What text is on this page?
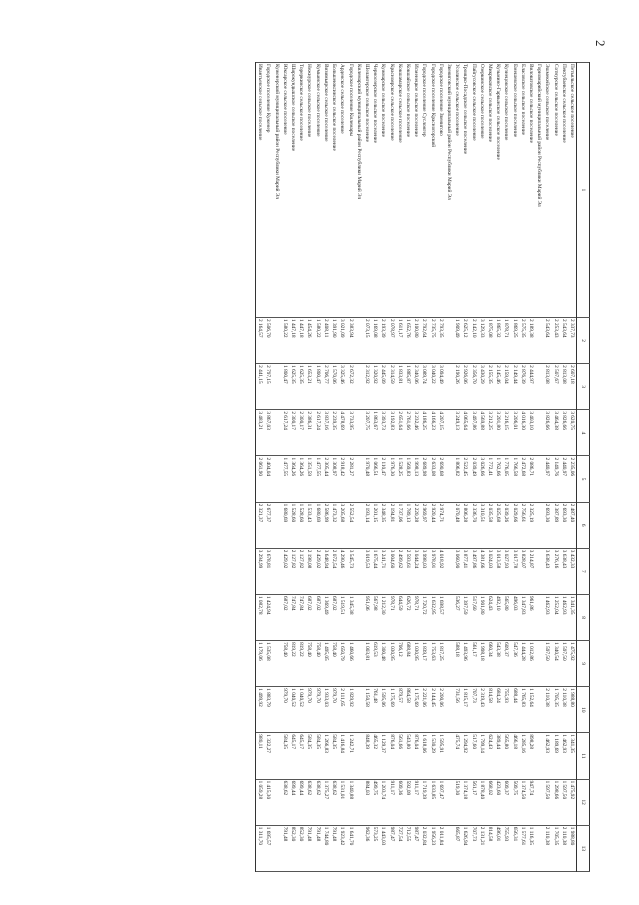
2
1	2	3	4	5	6	7	8	9	10	11	12	13
Петьяльское сельское поселение	2 337,73	2 607,18	3 620,75	2 235,06	2 487,40	3 432,33	1 341,35	1 475,92	1 988,80	1 341,35	1 475,92	1 988,80
Пектубаевское сельское поселение	2 543,64	2 813,08	3 826,66	2 440,97	2 693,30	3 638,43	1 462,93	1 597,50	2 110,38	1 462,93	1 597,50	2 110,38
Сотнурское сельское поселение	2 253,43	2 507,67	3 464,38	2 149,76	2 387,89	3 276,16	1 252,04	1 340,54	1 705,35	1 189,69	1 298,66	1 705,35
Эшмекейское сельское поселение	2 543,64	2 813,08	3 826,66	2 440,97	2 693,30	3 638,43	1 462,93	1 597,50	2 110,38	1 462,93	1 597,50	2 110,38
Горномарийский муниципальный район Республики Марий Эл												
Виловатовское сельское поселение	2 189,38	2 444,97	3 403,10	2 086,71	2 325,19	3 214,87	961,86	1 012,86	1 152,64	898,28	947,74	1 116,35
Еласовское сельское поселение	2 575,35	2 876,39	4 016,30	2 472,68	2 756,61	3 828,07	1 347,83	1 444,28	1 765,83	1 285,16	1 374,50	1 577,61
Емешевское сельское поселение	1 869,25	2 149,44	3 206,01	1 766,58	2 029,66	3 017,78	496,03	547,36	688,44	466,18	509,75	656,31
Кузнецовское сельское поселение	1 878,71	2 159,04	3 216,15	1 776,05	2 039,26	3 027,93	565,80	609,37	755,93	565,80	609,37	755,93
Кузьмино-Гарвынское сельское поселение	1 865,32	2 145,46	3 201,80	1 762,66	2 025,68	3 013,58	492,10	543,38	684,24	389,44	423,60	496,01
Микряковское сельское поселение	1 875,08	2 155,35	3 212,25	1 772,41	2 035,58	3 024,03	624,43	660,34	814,58	624,43	668,02	814,58
Озеркинское сельское поселение	3 129,33	3 430,29	4 569,88	3 026,66	3 310,51	4 381,66	1 901,80	1 998,18	2 319,43	1 799,14	1 878,40	2 131,21
Пайгусовское сельское поселение	2 142,10	2 356,70	3 497,86	2 039,49	2 336,70	3 497,86	517,60	561,17	707,73	517,60	561,17	707,73
Троицко-Посадское сельское поселение	2 625,12	2 926,06	4 065,64	2 522,45	2 806,28	3 877,41	1 397,59	1 493,96	1 815,17	1 294,92	1 374,18	1 626,94
Усолинское сельское поселение	1 909,49	2 190,26	3 249,13	1 806,82	2 070,48	3 060,90	536,27	588,18	731,56	475,74	519,30	665,87
Звениговский муниципальный район Республики Марий Эл												
Городское поселение Звенигово	2 793,35	3 094,49	4 207,15	2 690,68	2 974,71	4 018,92	1 698,57	1 817,25	2 200,06	1 595,91	1 697,47	2 011,84
Городское поселение Красногорский	2 735,75	3 040,22	4 166,23	2 633,08	2 920,44	3 978,01	1 632,95	1 753,63	2 144,45	1 530,29	1 633,85	1 956,23
Городское поселение Суслонгер	2 792,64	3 089,74	4 186,25	2 689,98	2 969,97	3 998,03	1 720,72	1 839,17	2 221,06	1 618,06	1 719,39	2 032,84
Исменецкое сельское поселение	2 100,80	2 340,06	3 232,46	1 998,13	2 220,28	3 044,24	978,71	1 030,95	1 175,69	876,04	911,17	987,47
Кокшайское сельское поселение	1 652,76	1 885,87	2 761,66	1 569,83	1 789,13	2 593,61	626,72	688,84	864,58	543,80	592,09	712,55
Кокшамарское сельское поселение	1 611,17	1 833,81	2 651,64	1 528,25	1 737,06	2 499,62	644,59	706,12	879,57	561,66	609,36	727,54
Красноярское сельское поселение	2 078,97	2 314,59	3 192,83	1 976,30	2 194,81	3 004,60	978,71	1 030,95	1 175,69	876,04	911,17	987,47
Кужмарское сельское поселение	2 193,39	2 445,09	3 393,73	2 110,47	2 348,35	3 241,71	1 212,30	1 300,48	1 595,06	1 129,37	1 203,74	1 443,03
Черноозерское сельское поселение	1 169,08	1 320,92	1 863,67	1 066,51	1 201,15	1 675,44	567,98	619,53	761,48	465,32	499,75	573,25
Шелангерское сельское поселение	2 073,15	2 312,92	3 207,75	1 970,48	2 193,14	3 019,53	951,06	1 003,81	1 150,58	848,39	884,03	962,36
Килемарский муниципальный район Республики Марий Эл												
Городское поселение Килемары	2 383,94	2 672,32	3 733,95	2 281,27	2 552,54	3 545,73	1 345,38	1 460,66	1 829,92	1 242,71	1 340,88	1 641,70
Арденское сельское поселение	3 021,09	3 325,46	4 478,69	2 918,42	3 205,68	4 290,46	1 519,51	1 650,79	2 111,65	1 416,84	1 531,01	1 923,42
Большеюксинское сельское поселение	1 391,90	1 570,06	2 239,35	1 308,97	1 473,32	2 072,54	687,02	758,40	979,70	584,35	638,62	791,48
Визимьярское сельское поселение	2 408,11	2 706,77	3 837,16	2 305,44	2 586,99	3 648,94	1 369,49	1 495,05	1 933,03	1 266,83	1 375,27	1 744,80
Кумьинское сельское поселение	1 580,22	1 800,47	2 617,24	1 477,55	1 680,69	2 429,02	687,02	758,40	979,70	584,35	638,62	791,48
Нежнурское сельское поселение	1 454,26	1 653,21	2 386,31	1 351,59	1 533,43	2 198,08	687,02	758,40	979,70	584,35	638,62	791,48
Тореркинское сельское поселение	1 447,18	1 625,35	2 300,17	1 364,26	1 528,60	2 127,82	747,84	819,22	1 040,52	645,17	699,44	852,30
Широкундышское сельское поселение	1 447,18	1 625,35	2 300,17	1 364,26	1 528,60	2 127,82	747,84	819,22	1 040,52	645,17	699,44	852,30
Юксарское сельское поселение	1 580,22	1 800,47	2 617,24	1 477,55	1 680,69	2 429,02	687,02	758,40	979,70	584,35	638,62	791,48
Куженерский муниципальный район Республики Марий Эл												
Городское поселение Куженер	2 506,70	2 797,15	3 867,03	2 404,04	2 677,37	3 678,81	1 424,94	1 535,08	1 883,79	1 322,27	1 415,30	1 695,57
Ивантьевское сельское поселение	2 164,57	2 441,15	3 483,21	2 061,90	2 321,37	3 294,99	1 082,78	1 179,06	1 499,92	980,11	1 059,28	1 311,70
